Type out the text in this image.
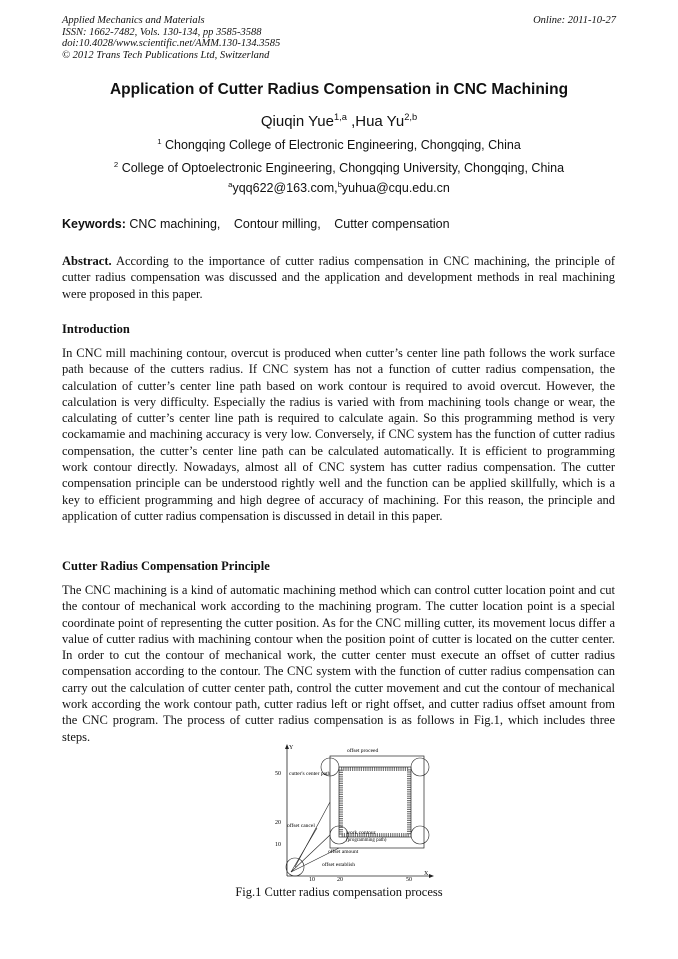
Applied Mechanics and Materials
ISSN: 1662-7482, Vols. 130-134, pp 3585-3588
doi:10.4028/www.scientific.net/AMM.130-134.3585
© 2012 Trans Tech Publications Ltd, Switzerland
Online: 2011-10-27
Application of Cutter Radius Compensation in CNC Machining
Qiuqin Yue$^{1,a}$ ,Hua Yu$^{2,b}$
$^1$ Chongqing College of Electronic Engineering, Chongqing, China
$^2$ College of Optoelectronic Engineering, Chongqing University, Chongqing, China
$^a$yqq622@163.com,$^b$yuhua@cqu.edu.cn
Keywords: CNC machining, Contour milling, Cutter compensation
Abstract. According to the importance of cutter radius compensation in CNC machining, the principle of cutter radius compensation was discussed and the application and development methods in real machining were proposed in this paper.
Introduction
In CNC mill machining contour, overcut is produced when cutter’s center line path follows the work surface path because of the cutters radius. If CNC system has not a function of cutter radius compensation, the calculation of cutter’s center line path based on work contour is required to avoid overcut. However, the calculation is very difficulty. Especially the radius is varied with from machining tools change or wear, the calculating of cutter’s center line path is required to calculate again. So this programming method is very cockamamie and machining accuracy is very low. Conversely, if CNC system has the function of cutter radius compensation, the cutter’s center line path can be calculated automatically. It is efficient to programming work contour directly. Nowadays, almost all of CNC system has cutter radius compensation. The cutter compensation principle can be understood rightly well and the function can be applied skillfully, which is a key to efficient programming and high degree of accuracy of machining. For this reason, the principle and application of cutter radius compensation is discussed in detail in this paper.
Cutter Radius Compensation Principle
The CNC machining is a kind of automatic machining method which can control cutter location point and cut the contour of mechanical work according to the machining program. The cutter location point is a special coordinate point of representing the cutter position. As for the CNC milling cutter, its movement locus differ a value of cutter radius with machining contour when the position point of cutter is located on the cutter center. In order to cut the contour of mechanical work, the cutter center must execute an offset of cutter radius compensation according to the contour. The CNC system with the function of cutter radius compensation can carry out the calculation of cutter center path, control the cutter movement and cut the contour of mechanical work according the work contour path, cutter radius left or right offset, and cutter radius offset amount from the CNC program. The process of cutter radius compensation is as follows in Fig.1, which includes three steps.
Y
X
50
20
10
10	20	50
offset proceed
cutter's center path
offset cancel
work contour
(programming path)
offset amount
offset establish
Fig.1 Cutter radius compensation process
